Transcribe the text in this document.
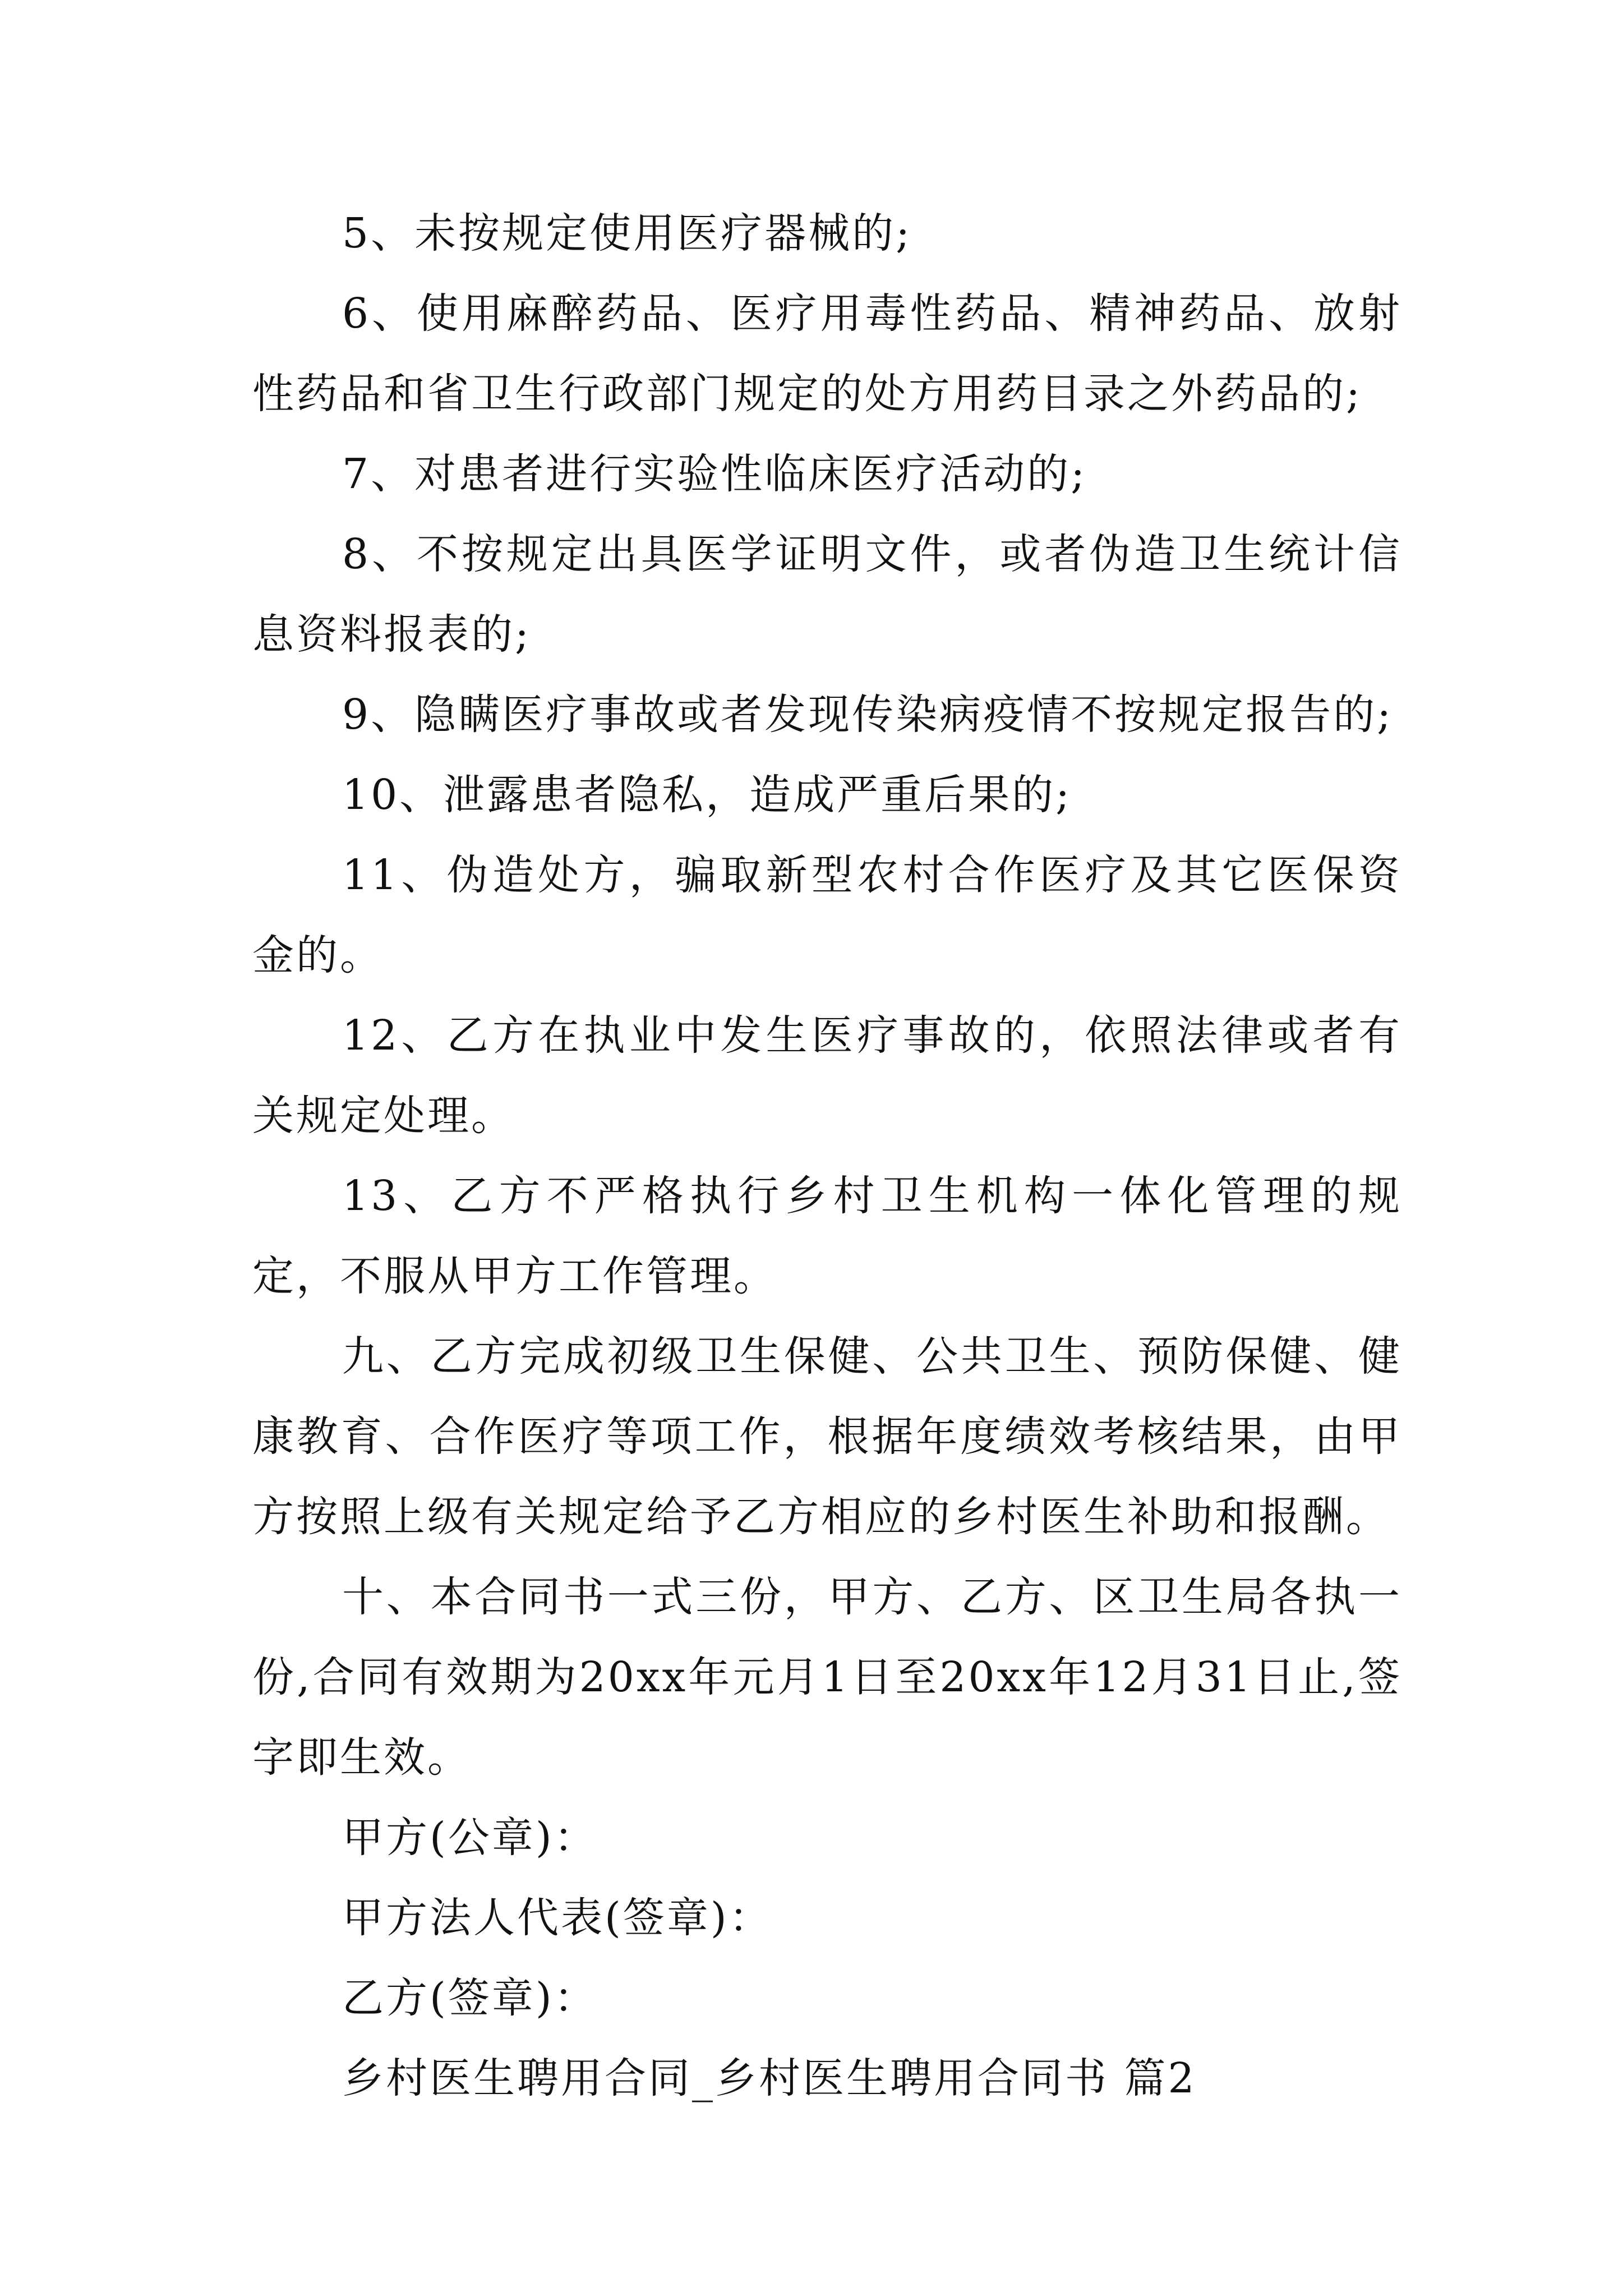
5、未按规定使用医疗器械的;

6、使用麻醉药品、医疗用毒性药品、精神药品、放射性药品和省卫生行政部门规定的处方用药目录之外药品的;

7、对患者进行实验性临床医疗活动的;

8、不按规定出具医学证明文件，或者伪造卫生统计信息资料报表的;

9、隐瞒医疗事故或者发现传染病疫情不按规定报告的;

10、泄露患者隐私，造成严重后果的;

11、伪造处方，骗取新型农村合作医疗及其它医保资金的。

12、乙方在执业中发生医疗事故的，依照法律或者有关规定处理。

13、乙方不严格执行乡村卫生机构一体化管理的规定，不服从甲方工作管理。

九、乙方完成初级卫生保健、公共卫生、预防保健、健康教育、合作医疗等项工作，根据年度绩效考核结果，由甲方按照上级有关规定给予乙方相应的乡村医生补助和报酬。

十、本合同书一式三份，甲方、乙方、区卫生局各执一份,合同有效期为20xx年元月1日至20xx年12月31日止,签字即生效。

甲方(公章)：

甲方法人代表(签章)：

乙方(签章)：

乡村医生聘用合同_乡村医生聘用合同书 篇2
